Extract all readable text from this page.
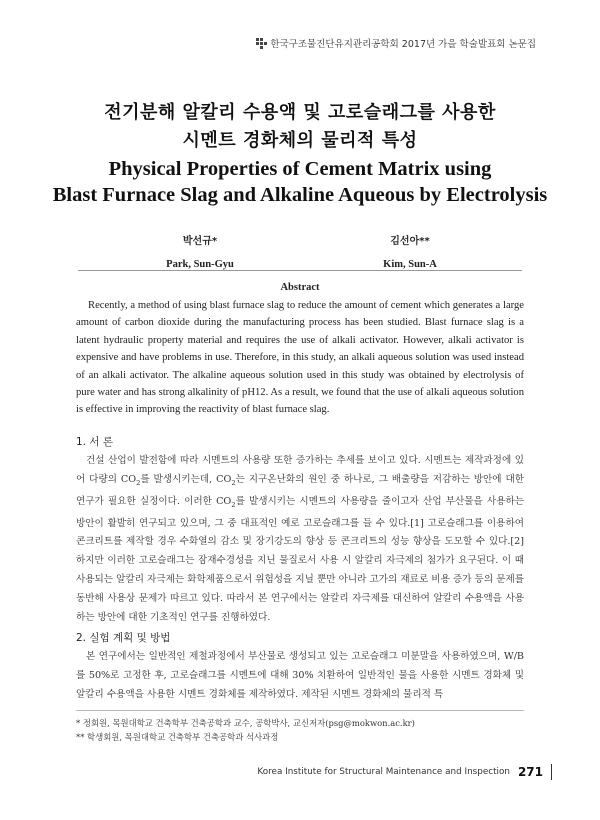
한국구조물진단유지관리공학회 2017년 가을 학술발표회 논문집
전기분해 알칼리 수용액 및 고로슬래그를 사용한
시멘트 경화체의 물리적 특성
Physical Properties of Cement Matrix using
Blast Furnace Slag and Alkaline Aqueous by Electrolysis
박선규*
Park, Sun-Gyu
김선아**
Kim, Sun-A
Abstract
Recently, a method of using blast furnace slag to reduce the amount of cement which generates a large amount of carbon dioxide during the manufacturing process has been studied. Blast furnace slag is a latent hydraulic property material and requires the use of alkali activator. However, alkali activator is expensive and have problems in use. Therefore, in this study, an alkali aqueous solution was used instead of an alkali activator. The alkaline aqueous solution used in this study was obtained by electrolysis of pure water and has strong alkalinity of pH12. As a result, we found that the use of alkali aqueous solution is effective in improving the reactivity of blast furnace slag.
1. 서 론
건설 산업이 발전함에 따라 시멘트의 사용량 또한 증가하는 추세를 보이고 있다. 시멘트는 제작과정에 있어 다량의 $CO_2$를 발생시키는데, $CO_2$는 지구온난화의 원인 중 하나로, 그 배출량을 저감하는 방안에 대한 연구가 필요한 실정이다. 이러한 $CO_2$를 발생시키는 시멘트의 사용량을 줄이고자 산업 부산물을 사용하는 방안이 활발히 연구되고 있으며, 그 중 대표적인 예로 고로슬래그를 들 수 있다.[1] 고로슬래그를 이용하여 콘크리트를 제작할 경우 수화열의 감소 및 장기강도의 향상 등 콘크리트의 성능 향상을 도모할 수 있다.[2] 하지만 이러한 고로슬래그는 잠재수경성을 지닌 물질로서 사용 시 알칼리 자극제의 첨가가 요구된다. 이 때 사용되는 알칼리 자극제는 화학제품으로서 위험성을 지닐 뿐만 아니라 고가의 재료로 비용 증가 등의 문제를 동반해 사용상 문제가 따르고 있다. 따라서 본 연구에서는 알칼리 자극제를 대신하여 알칼리 수용액을 사용하는 방안에 대한 기초적인 연구를 진행하였다.
2. 실험 계획 및 방법
본 연구에서는 일반적인 제철과정에서 부산물로 생성되고 있는 고로슬래그 미분말을 사용하였으며, W/B를 50%로 고정한 후, 고로슬래그를 시멘트에 대해 30% 치환하여 일반적인 물을 사용한 시멘트 경화체 및 알칼리 수용액을 사용한 시멘트 경화체를 제작하였다. 제작된 시멘트 경화체의 물리적 특
* 정회원, 목원대학교 건축학부 건축공학과 교수, 공학박사, 교신저자(psg@mokwon.ac.kr)
** 학생회원, 목원대학교 건축학부 건축공학과 석사과정
Korea Institute for Structural Maintenance and Inspection 271
